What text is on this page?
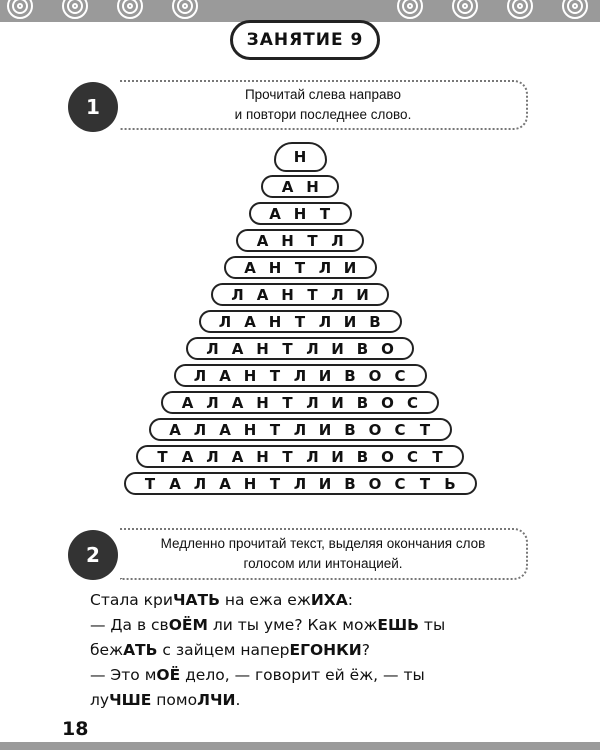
ЗАНЯТИЕ 9
1
Прочитай слева направо
и повтори последнее слово.
Н
А Н
А Н Т
А Н Т Л
А Н Т Л И
Л А Н Т Л И
Л А Н Т Л И В
Л А Н Т Л И В О
Л А Н Т Л И В О С
А Л А Н Т Л И В О С
А Л А Н Т Л И В О С Т
Т А Л А Н Т Л И В О С Т
Т А Л А Н Т Л И В О С Т Ь
2	Медленно прочитай текст, выделяя окончания слов
голосом или интонацией.
Стала криЧАТЬ на ежа ежИХА:
— Да в свОЁМ ли ты уме? Как можЕШЬ ты
бежАТЬ с зайцем наперЕГОНКИ?
— Это мОЁ дело, — говорит ей ёж, — ты
луЧШЕ помоЛЧИ.
18
